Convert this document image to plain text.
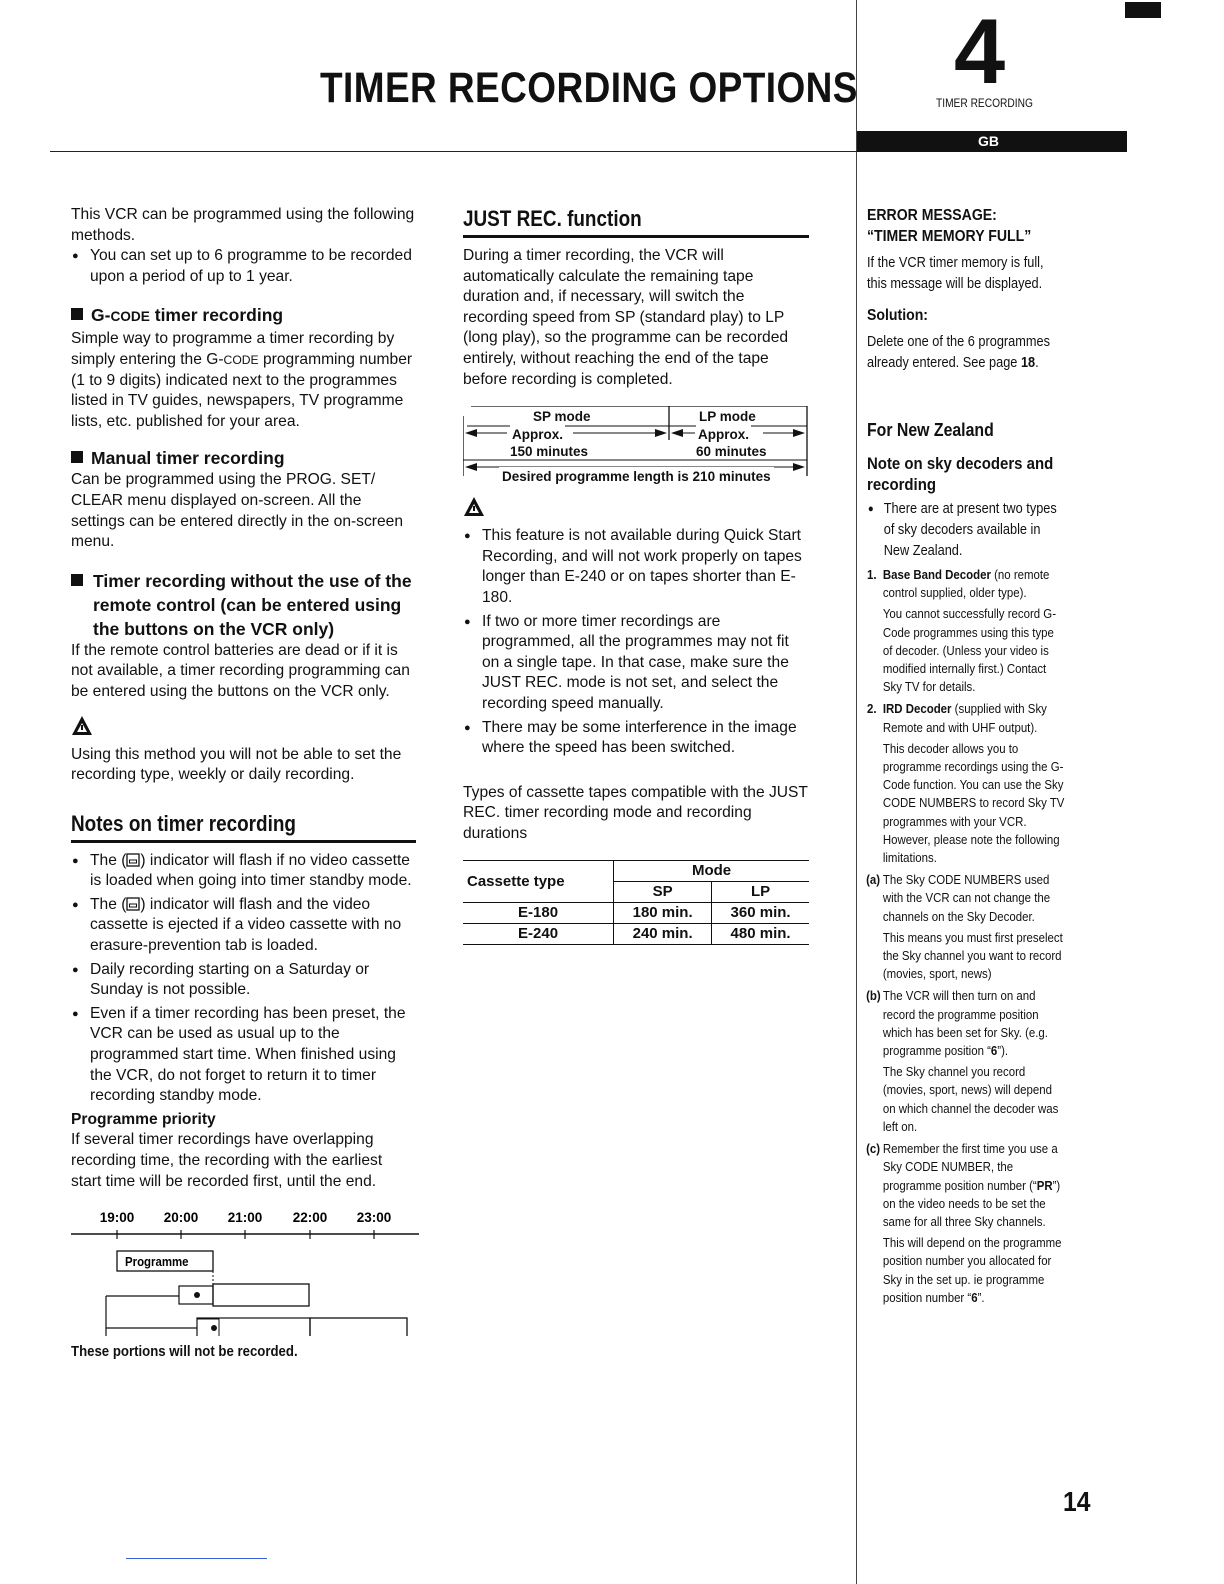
TIMER RECORDING OPTIONS 4
TIMER RECORDING
GB

This VCR can be programmed using the following methods.

● You can set up to 6 programme to be recorded upon a period of up to 1 year.
G-CODE timer recording

Simple way to programme a timer recording by simply entering the G-CODE programming number (1 to 9 digits) indicated next to the programmes listed in TV guides, newspapers, TV programme lists, etc. published for your area.

Manual timer recording

Can be programmed using the PROG. SET/ CLEAR menu displayed on-screen. All the settings can be entered directly in the on-screen menu.

Timer recording without the use of the remote control (can be entered using the buttons on the VCR only)

If the remote control batteries are dead or if it is not available, a timer recording programming can be entered using the buttons on the VCR only.

Using this method you will not be able to set the recording type, weekly or daily recording.

Notes on timer recording
● The ( ) indicator will flash if no video cassette is loaded when going into timer standby mode.
● The ( ) indicator will flash and the video cassette is ejected if a video cassette with no erasure-prevention tab is loaded.
● Daily recording starting on a Saturday or Sunday is not possible.
● Even if a timer recording has been preset, the VCR can be used as usual up to the programmed start time. When finished using the VCR, do not forget to return it to timer recording standby mode.

Programme priority

If several timer recordings have overlapping recording time, the recording with the earliest start time will be recorded first, until the end.

19:00 20:00 21:00 22:00 23:00
Programme

These portions will not be recorded.

JUST REC. function

During a timer recording, the VCR will automatically calculate the remaining tape duration and, if necessary, will switch the recording speed from SP (standard play) to LP (long play), so the programme can be recorded entirely, without reaching the end of the tape before recording is completed.

SP mode	LP mode
Approx.
150 minutes
Approx.
60 minutes
Desired programme length is 210 minutes
● This feature is not available during Quick Start Recording, and will not work properly on tapes longer than E-240 or on tapes shorter than E-180.
● If two or more timer recordings are programmed, all the programmes may not fit on a single tape. In that case, make sure the JUST REC. mode is not set, and select the recording speed manually.
● There may be some interference in the image where the speed has been switched.

Types of cassette tapes compatible with the JUST REC. timer recording mode and recording durations

Cassette type	Mode	
	SP	LP
E-180	180 min.	360 min.
E-240	240 min.	480 min.
ERROR MESSAGE:
“TIMER MEMORY FULL”

If the VCR timer memory is full, this message will be displayed.

Solution:

Delete one of the 6 programmes already entered. See page 18.

For New Zealand
Note on sky decoders and recording
● There are at present two types of sky decoders available in New Zealand.
1. Base Band Decoder (no remote control supplied, older type).
You cannot successfully record G-Code programmes using this type of decoder. (Unless your video is modified internally first.) Contact Sky TV for details.
2. IRD Decoder (supplied with Sky Remote and with UHF output).
This decoder allows you to programme recordings using the G-Code function. You can use the Sky CODE NUMBERS to record Sky TV programmes with your VCR. However, please note the following limitations.
(a) The Sky CODE NUMBERS used with the VCR can not change the channels on the Sky Decoder.
This means you must first preselect the Sky channel you want to record (movies, sport, news)
(b) The VCR will then turn on and record the programme position which has been set for Sky. (e.g. programme position “6”).
The Sky channel you record (movies, sport, news) will depend on which channel the decoder was left on.
(c) Remember the first time you use a Sky CODE NUMBER, the programme position number (“PR”) on the video needs to be set the same for all three Sky channels.
This will depend on the programme position number you allocated for Sky in the set up. ie programme position number “6”.
14
